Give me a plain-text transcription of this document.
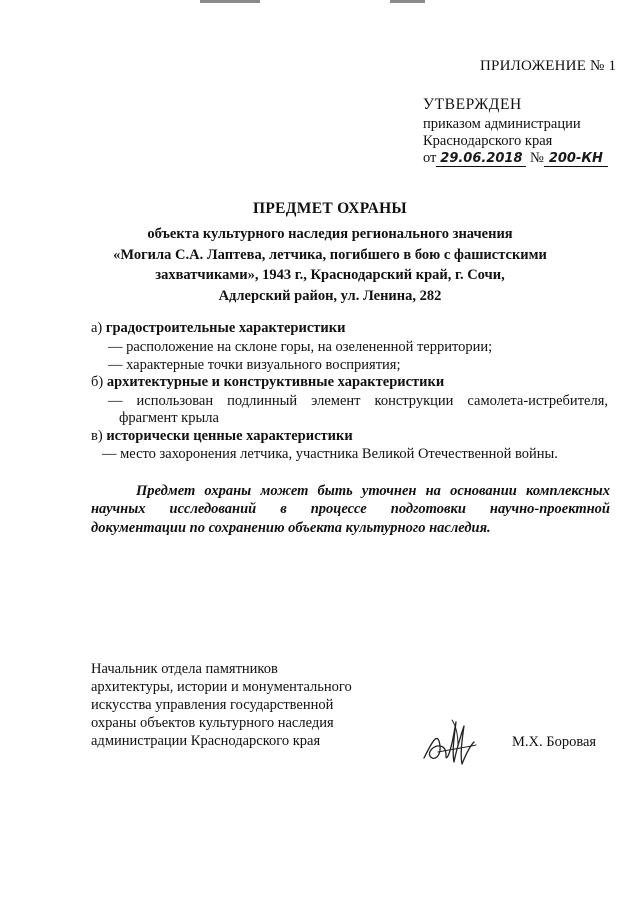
ПРИЛОЖЕНИЕ № 1
УТВЕРЖДЕН
приказом администрации
Краснодарского края
от 29.06.2018 № 200-КН
ПРЕДМЕТ ОХРАНЫ
объекта культурного наследия регионального значения
«Могила С.А. Лаптева, летчика, погибшего в бою с фашистскими
захватчиками», 1943 г., Краснодарский край, г. Сочи,
Адлерский район, ул. Ленина, 282
а) градостроительные характеристики
— расположение на склоне горы, на озелененной территории;
— характерные точки визуального восприятия;
б) архитектурные и конструктивные характеристики
— использован подлинный элемент конструкции самолета-истребителя,
фрагмент крыла
в) исторически ценные характеристики
— место захоронения летчика, участника Великой Отечественной войны.
Предмет охраны может быть уточнен на основании комплексных
научных исследований в процессе подготовки научно-проектной
документации по сохранению объекта культурного наследия.
Начальник отдела памятников
архитектуры, истории и монументального
искусства управления государственной
охраны объектов культурного наследия
администрации Краснодарского края	М.Х. Боровая
